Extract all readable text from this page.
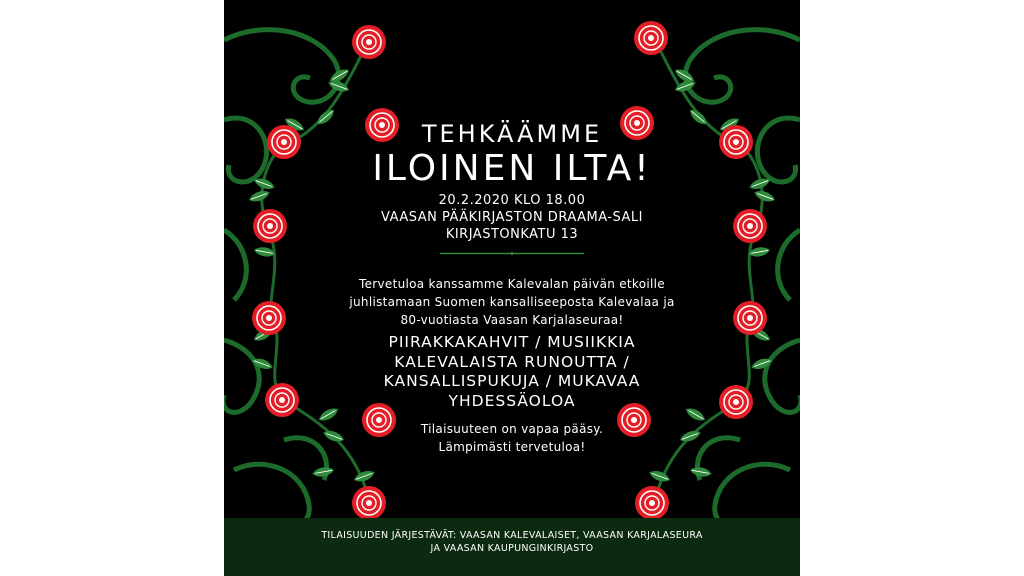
TEHKÄÄMME
ILOINEN ILTA!
20.2.2020 KLO 18.00
VAASAN PÄÄKIRJASTON DRAAMA-SALI
KIRJASTONKATU 13
Tervetuloa kanssamme Kalevalan päivän etkoille
juhlistamaan Suomen kansalliseeposta Kalevalaa ja
80-vuotiasta Vaasan Karjalaseuraa!
PIIRAKKAKAHVIT / MUSIIKKIA
KALEVALAISTA RUNOUTTA /
KANSALLISPUKUJA / MUKAVAA
YHDESSÄOLOA
Tilaisuuteen on vapaa pääsy.
Lämpimästi tervetuloa!
TILAISUUDEN JÄRJESTÄVÄT: VAASAN KALEVALAISET, VAASAN KARJALASEURA
JA VAASAN KAUPUNGINKIRJASTO
